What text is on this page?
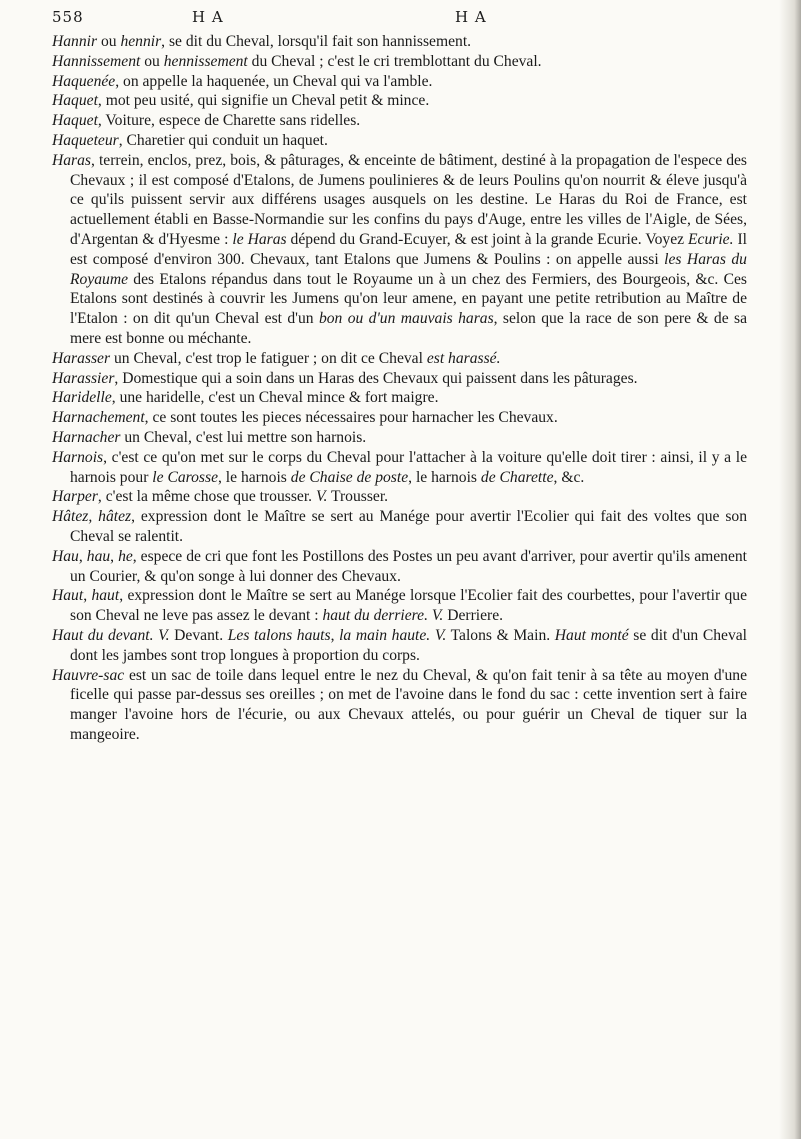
558	H A	H A

Hannir ou hennir, se dit du Cheval, lorsqu'il fait son hannissement.

Hannissement ou hennissement du Cheval ; c'est le cri tremblottant du Cheval.

Haquenée, on appelle la haquenée, un Cheval qui va l'amble.

Haquet, mot peu usité, qui signifie un Cheval petit & mince.

Haquet, Voiture, espece de Charette sans ridelles.

Haqueteur, Charetier qui conduit un haquet.

Haras, terrein, enclos, prez, bois, & pâturages, & enceinte de bâtiment, destiné à la propagation de l'espece des Chevaux ; il est composé d'Etalons, de Jumens poulinieres & de leurs Poulins qu'on nourrit & éleve jusqu'à ce qu'ils puissent servir aux différens usages ausquels on les destine. Le Haras du Roi de France, est actuellement établi en Basse-Normandie sur les confins du pays d'Auge, entre les villes de l'Aigle, de Sées, d'Argentan & d'Hyesme : le Haras dépend du Grand-Ecuyer, & est joint à la grande Ecurie. Voyez Ecurie. Il est composé d'environ 300. Chevaux, tant Etalons que Jumens & Poulins : on appelle aussi les Haras du Royaume des Etalons répandus dans tout le Royaume un à un chez des Fermiers, des Bourgeois, &c. Ces Etalons sont destinés à couvrir les Jumens qu'on leur amene, en payant une petite retribution au Maître de l'Etalon : on dit qu'un Cheval est d'un bon ou d'un mauvais haras, selon que la race de son pere & de sa mere est bonne ou méchante.

Harasser un Cheval, c'est trop le fatiguer ; on dit ce Cheval est harassé.

Harassier, Domestique qui a soin dans un Haras des Chevaux qui paissent dans les pâturages.

Haridelle, une haridelle, c'est un Cheval mince & fort maigre.

Harnachement, ce sont toutes les pieces nécessaires pour harnacher les Chevaux.

Harnacher un Cheval, c'est lui mettre son harnois.

Harnois, c'est ce qu'on met sur le corps du Cheval pour l'attacher à la voiture qu'elle doit tirer : ainsi, il y a le harnois pour le Carosse, le harnois de Chaise de poste, le harnois de Charette, &c.

Harper, c'est la même chose que trousser. V. Trousser.

Hâtez, hâtez, expression dont le Maître se sert au Manége pour avertir l'Ecolier qui fait des voltes que son Cheval se ralentit.

Hau, hau, he, espece de cri que font les Postillons des Postes un peu avant d'arriver, pour avertir qu'ils amenent un Courier, & qu'on songe à lui donner des Chevaux.

Haut, haut, expression dont le Maître se sert au Manége lorsque l'Ecolier fait des courbettes, pour l'avertir que son Cheval ne leve pas assez le devant : haut du derriere. V. Derriere.

Haut du devant. V. Devant. Les talons hauts, la main haute. V. Talons & Main. Haut monté se dit d'un Cheval dont les jambes sont trop longues à proportion du corps.

Hauvre-sac est un sac de toile dans lequel entre le nez du Cheval, & qu'on fait tenir à sa tête au moyen d'une ficelle qui passe par-dessus ses oreilles ; on met de l'avoine dans le fond du sac : cette invention sert à faire manger l'avoine hors de l'écurie, ou aux Chevaux attelés, ou pour guérir un Cheval de tiquer sur la mangeoire.
